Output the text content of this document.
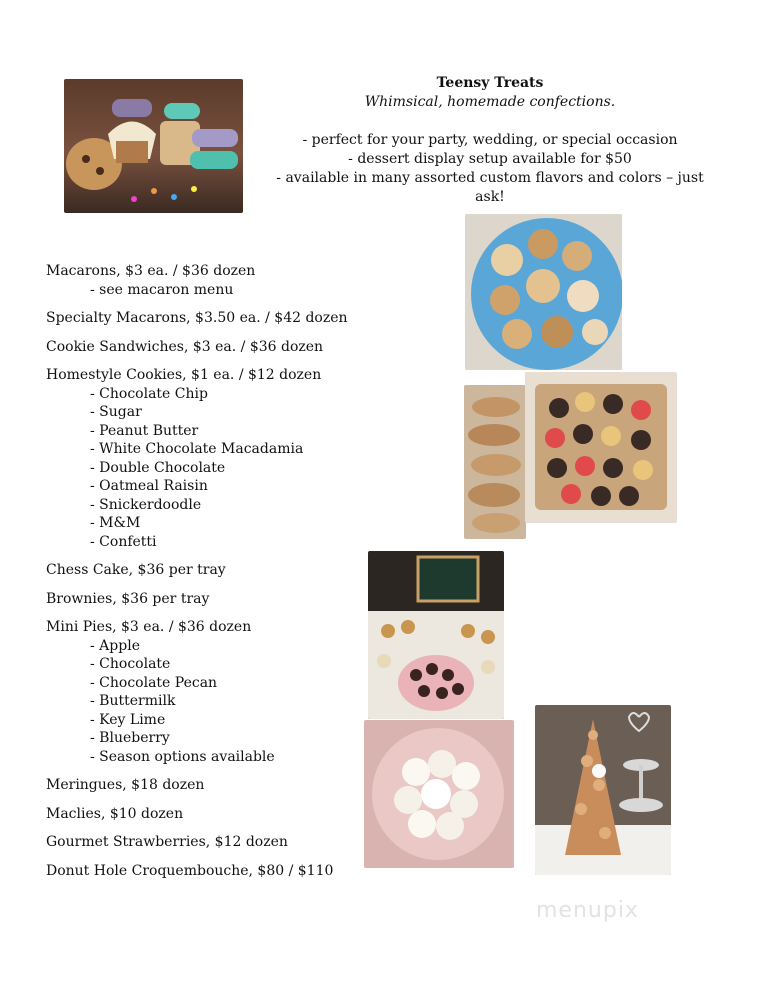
Teensy Treats
Whimsical, homemade confections.
- perfect for your party, wedding, or special occasion
- dessert display setup available for $50
- available in many assorted custom flavors and colors – just ask!
Macarons, $3 ea. / $36 dozen
- see macaron menu
Specialty Macarons, $3.50 ea. / $42 dozen
Cookie Sandwiches, $3 ea. / $36 dozen
Homestyle Cookies, $1 ea. / $12 dozen
- Chocolate Chip
- Sugar
- Peanut Butter
- White Chocolate Macadamia
- Double Chocolate
- Oatmeal Raisin
- Snickerdoodle
- M&M
- Confetti
Chess Cake, $36 per tray
Brownies, $36 per tray
Mini Pies, $3 ea. / $36 dozen
- Apple
- Chocolate
- Chocolate Pecan
- Buttermilk
- Key Lime
- Blueberry
- Season options available
Meringues, $18 dozen
Maclies, $10 dozen
Gourmet Strawberries, $12 dozen
Donut Hole Croquembouche, $80 / $110
menupix
